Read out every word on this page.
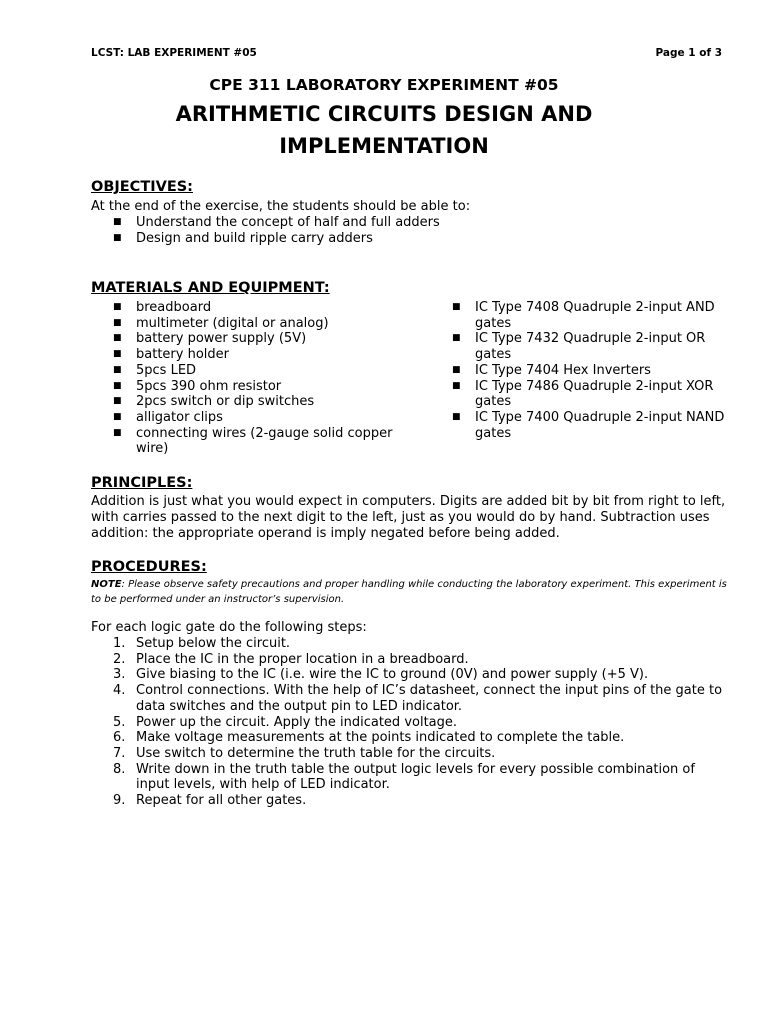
LCST: LAB EXPERIMENT #05	Page 1 of 3
CPE 311 LABORATORY EXPERIMENT #05
ARITHMETIC CIRCUITS DESIGN AND
IMPLEMENTATION
OBJECTIVES:
At the end of the exercise, the students should be able to:
■ Understand the concept of half and full adders
■ Design and build ripple carry adders
MATERIALS AND EQUIPMENT:
■ breadboard
■ multimeter (digital or analog)
■ battery power supply (5V)
■ battery holder
■ 5pcs LED
■ 5pcs 390 ohm resistor
■ 2pcs switch or dip switches
■ alligator clips
■ connecting wires (2-gauge solid copper wire)
■ IC Type 7408 Quadruple 2-input AND gates
■ IC Type 7432 Quadruple 2-input OR gates
■ IC Type 7404 Hex Inverters
■ IC Type 7486 Quadruple 2-input XOR gates
■ IC Type 7400 Quadruple 2-input NAND gates
PRINCIPLES:
Addition is just what you would expect in computers. Digits are added bit by bit from right to left,
with carries passed to the next digit to the left, just as you would do by hand. Subtraction uses
addition: the appropriate operand is imply negated before being added.
PROCEDURES:
NOTE: Please observe safety precautions and proper handling while conducting the laboratory experiment. This experiment is to be performed under an instructor’s supervision.
For each logic gate do the following steps:
1. Setup below the circuit.
2. Place the IC in the proper location in a breadboard.
3. Give biasing to the IC (i.e. wire the IC to ground (0V) and power supply (+5 V).
4. Control connections. With the help of IC’s datasheet, connect the input pins of the gate to data switches and the output pin to LED indicator.
5. Power up the circuit. Apply the indicated voltage.
6. Make voltage measurements at the points indicated to complete the table.
7. Use switch to determine the truth table for the circuits.
8. Write down in the truth table the output logic levels for every possible combination of input levels, with help of LED indicator.
9. Repeat for all other gates.
